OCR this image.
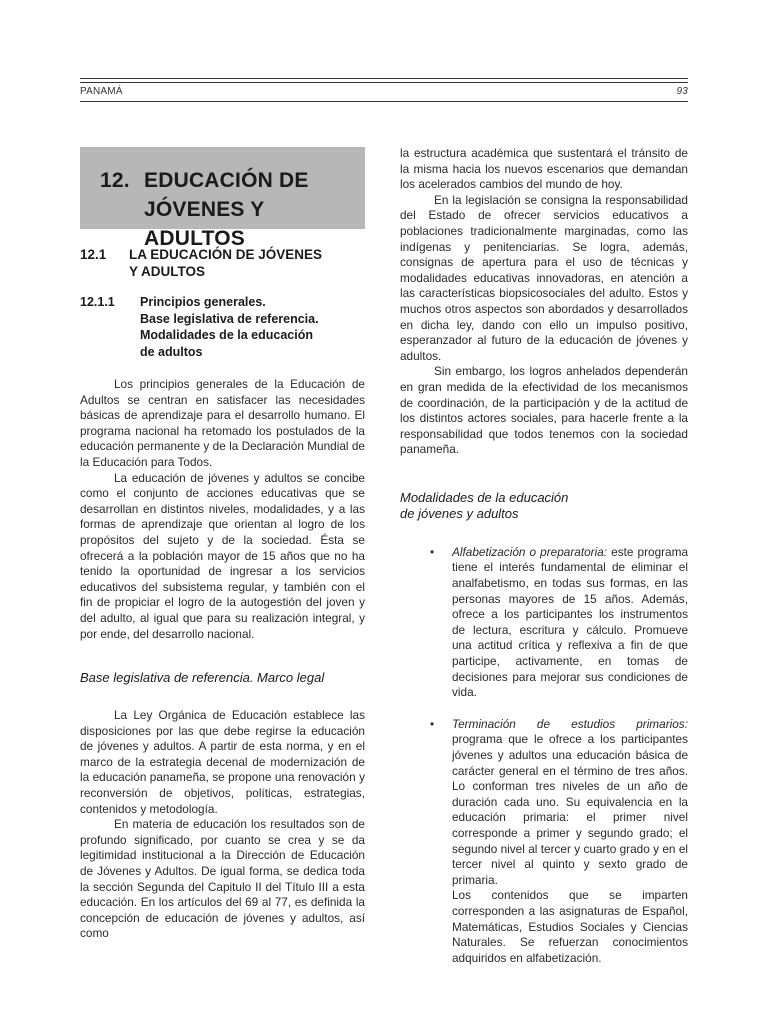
PANAMÁ	93
12. EDUCACIÓN DE
JÓVENES Y ADULTOS
12.1 LA EDUCACIÓN DE JÓVENES
Y ADULTOS
12.1.1	Principios generales.
Base legislativa de referencia.
Modalidades de la educación
de adultos

Los principios generales de la Educación de Adultos se centran en satisfacer las necesidades básicas de aprendizaje para el desarrollo humano. El programa nacional ha retomado los postulados de la educación permanente y de la Declaración Mundial de la Educación para Todos.

La educación de jóvenes y adultos se concibe como el conjunto de acciones educativas que se desarrollan en distintos niveles, modalidades, y a las formas de aprendizaje que orientan al logro de los propósitos del sujeto y de la sociedad. Ésta se ofrecerá a la población mayor de 15 años que no ha tenido la oportunidad de ingresar a los servicios educativos del subsistema regular, y también con el fin de propiciar el logro de la autogestión del joven y del adulto, al igual que para su realización integral, y por ende, del desarrollo nacional.

Base legislativa de referencia. Marco legal

La Ley Orgánica de Educación establece las disposiciones por las que debe regirse la educación de jóvenes y adultos. A partir de esta norma, y en el marco de la estrategia decenal de modernización de la educación panameña, se propone una renovación y reconversión de objetivos, políticas, estrategias, contenidos y metodología.

En materia de educación los resultados son de profundo significado, por cuanto se crea y se da legitimidad institucional a la Dirección de Educación de Jóvenes y Adultos. De igual forma, se dedica toda la sección Segunda del Capitulo II del Título III a esta educación. En los artículos del 69 al 77, es definida la concepción de educación de jóvenes y adultos, así como

la estructura académica que sustentará el tránsito de la misma hacia los nuevos escenarios que demandan los acelerados cambios del mundo de hoy.

En la legislación se consigna la responsabilidad del Estado de ofrecer servicios educativos a poblaciones tradicionalmente marginadas, como las indígenas y penitenciarias. Se logra, además, consignas de apertura para el uso de técnicas y modalidades educativas innovadoras, en atención a las características biopsicosociales del adulto. Estos y muchos otros aspectos son abordados y desarrollados en dicha ley, dando con ello un impulso positivo, esperanzador al futuro de la educación de jóvenes y adultos.

Sin embargo, los logros anhelados dependerán en gran medida de la efectividad de los mecanismos de coordinación, de la participación y de la actitud de los distintos actores sociales, para hacerle frente a la responsabilidad que todos tenemos con la sociedad panameña.

Modalidades de la educación
de jóvenes y adultos
• Alfabetización o preparatoria: este programa tiene el interés fundamental de eliminar el analfabetismo, en todas sus formas, en las personas mayores de 15 años. Además, ofrece a los participantes los instrumentos de lectura, escritura y cálculo. Promueve una actitud crítica y reflexiva a fin de que participe, activamente, en tomas de decisiones para mejorar sus condiciones de vida.
• Terminación de estudios primarios: programa que le ofrece a los participantes jóvenes y adultos una educación básica de carácter general en el término de tres años. Lo conforman tres niveles de un año de duración cada uno. Su equivalencia en la educación primaria: el primer nivel corresponde a primer y segundo grado; el segundo nivel al tercer y cuarto grado y en el tercer nivel al quinto y sexto grado de primaria.
Los contenidos que se imparten corresponden a las asignaturas de Español, Matemáticas, Estudios Sociales y Ciencias Naturales. Se refuerzan conocimientos adquiridos en alfabetización.
